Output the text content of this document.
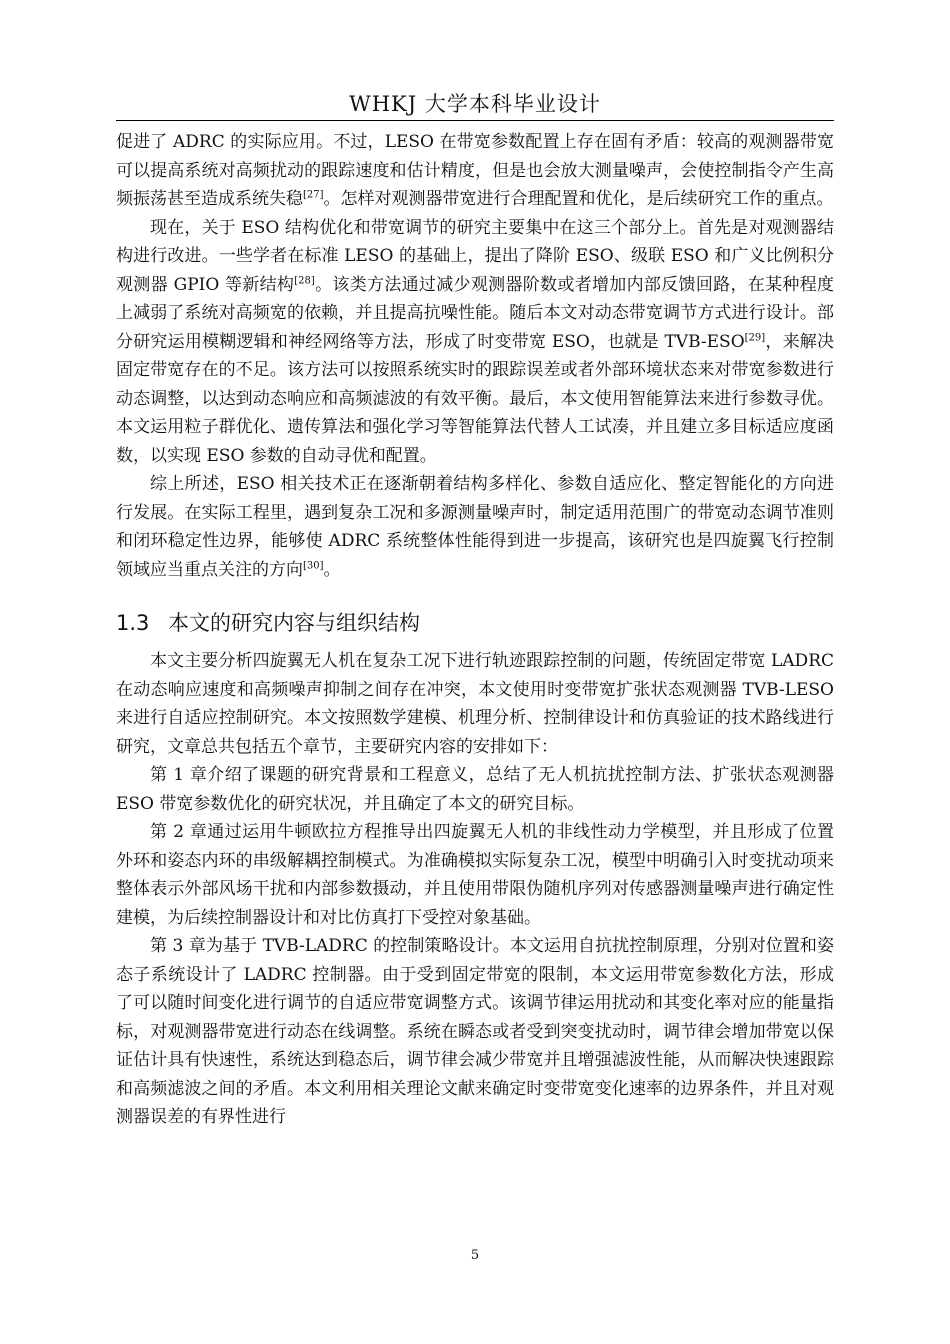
WHKJ 大学本科毕业设计

促进了 ADRC 的实际应用。不过，LESO 在带宽参数配置上存在固有矛盾：较高的观测器带宽可以提高系统对高频扰动的跟踪速度和估计精度，但是也会放大测量噪声，会使控制指令产生高频振荡甚至造成系统失稳[27]。怎样对观测器带宽进行合理配置和优化，是后续研究工作的重点。

现在，关于 ESO 结构优化和带宽调节的研究主要集中在这三个部分上。首先是对观测器结构进行改进。一些学者在标准 LESO 的基础上，提出了降阶 ESO、级联 ESO 和广义比例积分观测器 GPIO 等新结构[28]。该类方法通过减少观测器阶数或者增加内部反馈回路，在某种程度上减弱了系统对高频宽的依赖，并且提高抗噪性能。随后本文对动态带宽调节方式进行设计。部分研究运用模糊逻辑和神经网络等方法，形成了时变带宽 ESO，也就是 TVB-ESO[29]，来解决固定带宽存在的不足。该方法可以按照系统实时的跟踪误差或者外部环境状态来对带宽参数进行动态调整，以达到动态响应和高频滤波的有效平衡。最后，本文使用智能算法来进行参数寻优。本文运用粒子群优化、遗传算法和强化学习等智能算法代替人工试凑，并且建立多目标适应度函数，以实现 ESO 参数的自动寻优和配置。

综上所述，ESO 相关技术正在逐渐朝着结构多样化、参数自适应化、整定智能化的方向进行发展。在实际工程里，遇到复杂工况和多源测量噪声时，制定适用范围广的带宽动态调节准则和闭环稳定性边界，能够使 ADRC 系统整体性能得到进一步提高，该研究也是四旋翼飞行控制领域应当重点关注的方向[30]。

1.3 本文的研究内容与组织结构

本文主要分析四旋翼无人机在复杂工况下进行轨迹跟踪控制的问题，传统固定带宽 LADRC 在动态响应速度和高频噪声抑制之间存在冲突，本文使用时变带宽扩张状态观测器 TVB-LESO 来进行自适应控制研究。本文按照数学建模、机理分析、控制律设计和仿真验证的技术路线进行研究，文章总共包括五个章节，主要研究内容的安排如下：

第 1 章介绍了课题的研究背景和工程意义，总结了无人机抗扰控制方法、扩张状态观测器 ESO 带宽参数优化的研究状况，并且确定了本文的研究目标。

第 2 章通过运用牛顿欧拉方程推导出四旋翼无人机的非线性动力学模型，并且形成了位置外环和姿态内环的串级解耦控制模式。为准确模拟实际复杂工况，模型中明确引入时变扰动项来整体表示外部风场干扰和内部参数摄动，并且使用带限伪随机序列对传感器测量噪声进行确定性建模，为后续控制器设计和对比仿真打下受控对象基础。

第 3 章为基于 TVB-LADRC 的控制策略设计。本文运用自抗扰控制原理，分别对位置和姿态子系统设计了 LADRC 控制器。由于受到固定带宽的限制，本文运用带宽参数化方法，形成了可以随时间变化进行调节的自适应带宽调整方式。该调节律运用扰动和其变化率对应的能量指标，对观测器带宽进行动态在线调整。系统在瞬态或者受到突变扰动时，调节律会增加带宽以保证估计具有快速性，系统达到稳态后，调节律会减少带宽并且增强滤波性能，从而解决快速跟踪和高频滤波之间的矛盾。本文利用相关理论文献来确定时变带宽变化速率的边界条件，并且对观测器误差的有界性进行

5
